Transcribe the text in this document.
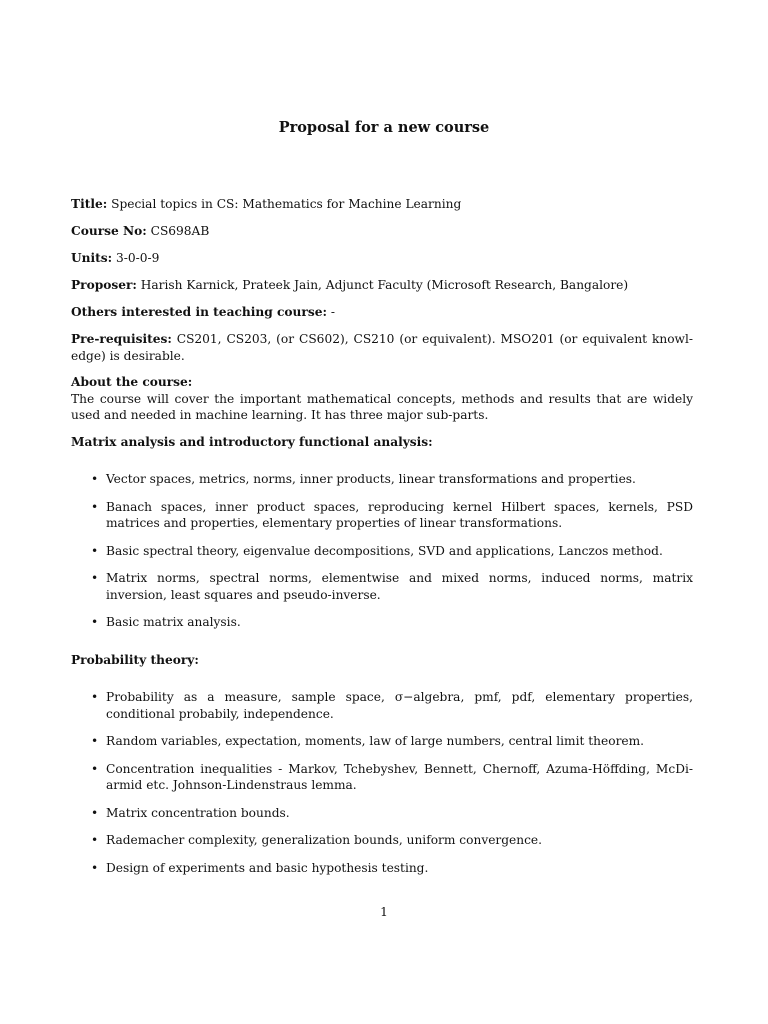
Proposal for a new course
Title: Special topics in CS: Mathematics for Machine Learning
Course No: CS698AB
Units: 3-0-0-9
Proposer: Harish Karnick, Prateek Jain, Adjunct Faculty (Microsoft Research, Bangalore)
Others interested in teaching course: -
Pre-requisites: CS201, CS203, (or CS602), CS210 (or equivalent). MSO201 (or equivalent knowl-edge) is desirable.
About the course:
The course will cover the important mathematical concepts, methods and results that are widely used and needed in machine learning. It has three major sub-parts.
Matrix analysis and introductory functional analysis:
• Vector spaces, metrics, norms, inner products, linear transformations and properties.
• Banach spaces, inner product spaces, reproducing kernel Hilbert spaces, kernels, PSD matrices and properties, elementary properties of linear transformations.
• Basic spectral theory, eigenvalue decompositions, SVD and applications, Lanczos method.
• Matrix norms, spectral norms, elementwise and mixed norms, induced norms, matrix inversion, least squares and pseudo-inverse.
• Basic matrix analysis.
Probability theory:
• Probability as a measure, sample space, σ−algebra, pmf, pdf, elementary properties, conditional probabily, independence.
• Random variables, expectation, moments, law of large numbers, central limit theorem.
• Concentration inequalities - Markov, Tchebyshev, Bennett, Chernoff, Azuma-Höffding, McDi-armid etc. Johnson-Lindenstraus lemma.
• Matrix concentration bounds.
• Rademacher complexity, generalization bounds, uniform convergence.
• Design of experiments and basic hypothesis testing.
1
